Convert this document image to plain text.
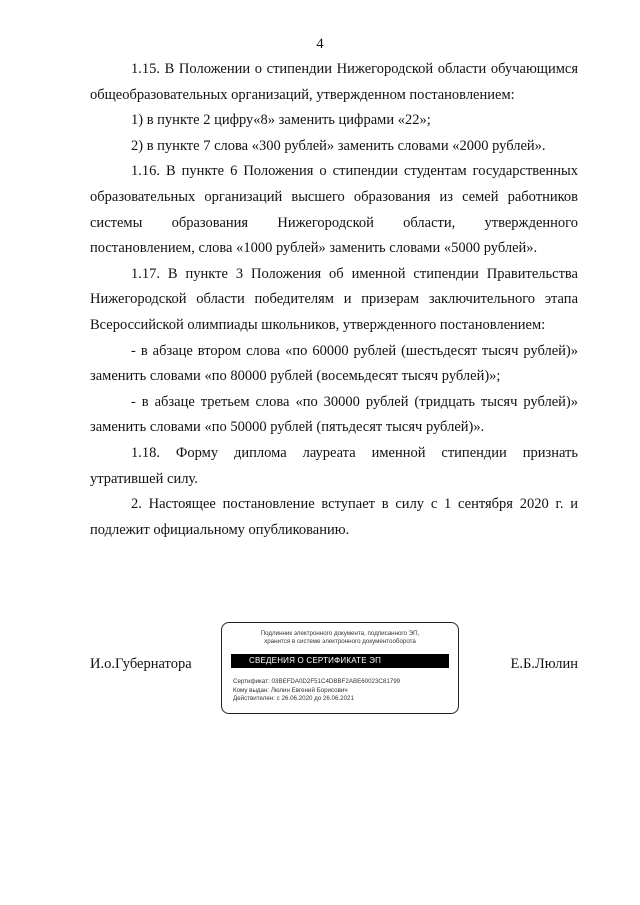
4

1.15. В Положении о стипендии Нижегородской области обучающимся общеобразовательных организаций, утвержденном постановлением:

1) в пункте 2 цифру«8» заменить цифрами «22»;

2) в пункте 7 слова «300 рублей» заменить словами «2000 рублей».

1.16. В пункте 6 Положения о стипендии студентам государственных образовательных организаций высшего образования из семей работников системы образования Нижегородской области, утвержденного постановлением, слова «1000 рублей» заменить словами «5000 рублей».

1.17. В пункте 3 Положения об именной стипендии Правительства Нижегородской области победителям и призерам заключительного этапа Всероссийской олимпиады школьников, утвержденного постановлением:

- в абзаце втором слова «по 60000 рублей (шестьдесят тысяч рублей)» заменить словами «по 80000 рублей (восемьдесят тысяч рублей)»;

- в абзаце третьем слова «по 30000 рублей (тридцать тысяч рублей)» заменить словами «по 50000 рублей (пятьдесят тысяч рублей)».

1.18. Форму диплома лауреата именной стипендии признать утратившей силу.

2. Настоящее постановление вступает в силу с 1 сентября 2020 г. и подлежит официальному опубликованию.

И.о.Губернатора
Подлинник электронного документа, подписанного ЭП,
хранится в системе электронного документооборота
СВЕДЕНИЯ О СЕРТИФИКАТЕ ЭП
Сертификат: 03BEFDA0D2F51C4DBBF2ABE60023C81799
Кому выдан: Люлин Евгений Борисович
Действителен: с 26.06.2020 до 26.06.2021
Е.Б.Люлин
